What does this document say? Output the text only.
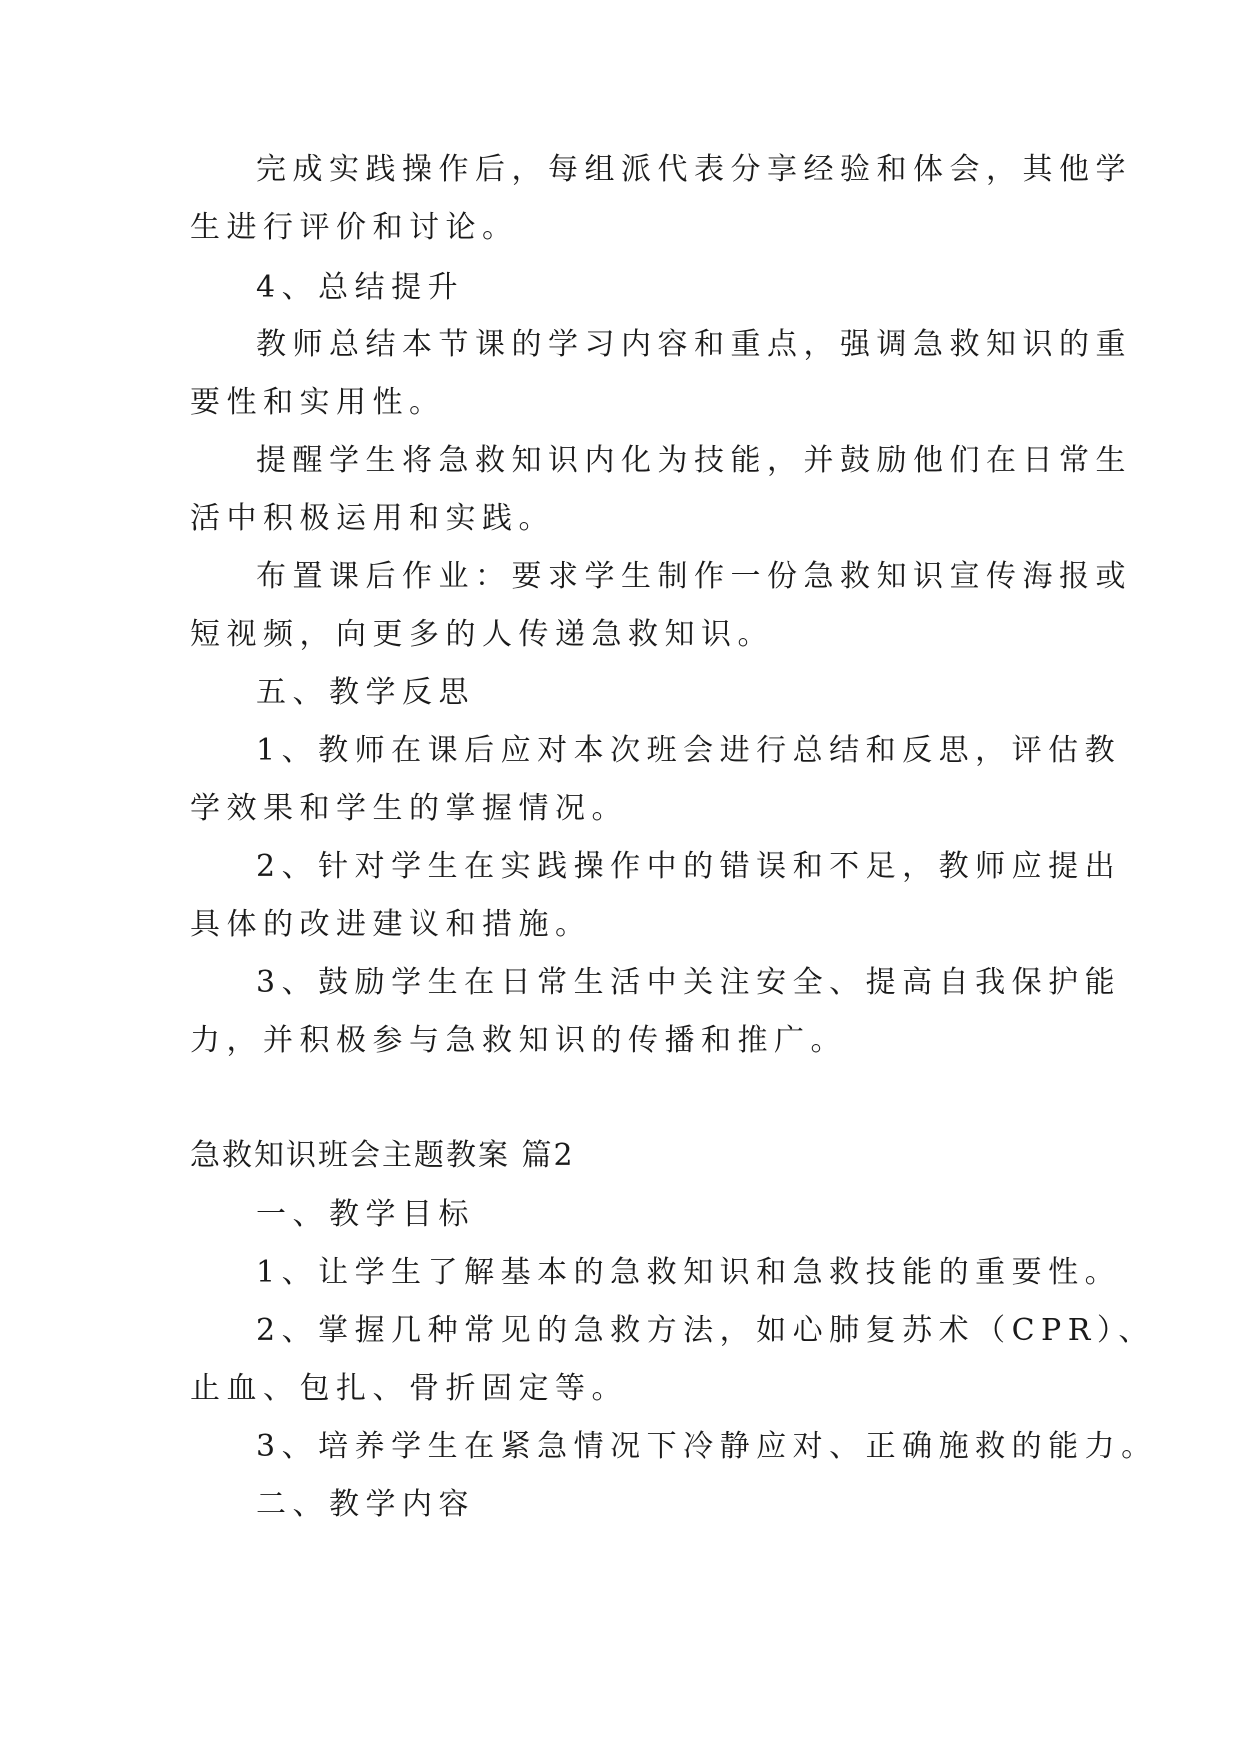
完成实践操作后，每组派代表分享经验和体会，其他学
生进行评价和讨论。
4、总结提升
教师总结本节课的学习内容和重点，强调急救知识的重
要性和实用性。
提醒学生将急救知识内化为技能，并鼓励他们在日常生
活中积极运用和实践。
布置课后作业：要求学生制作一份急救知识宣传海报或
短视频，向更多的人传递急救知识。
五、教学反思
1、教师在课后应对本次班会进行总结和反思，评估教
学效果和学生的掌握情况。
2、针对学生在实践操作中的错误和不足，教师应提出
具体的改进建议和措施。
3、鼓励学生在日常生活中关注安全、提高自我保护能
力，并积极参与急救知识的传播和推广。
急救知识班会主题教案 篇2
一、教学目标
1、让学生了解基本的急救知识和急救技能的重要性。
2、掌握几种常见的急救方法，如心肺复苏术（CPR）、
止血、包扎、骨折固定等。
3、培养学生在紧急情况下冷静应对、正确施救的能力。
二、教学内容
